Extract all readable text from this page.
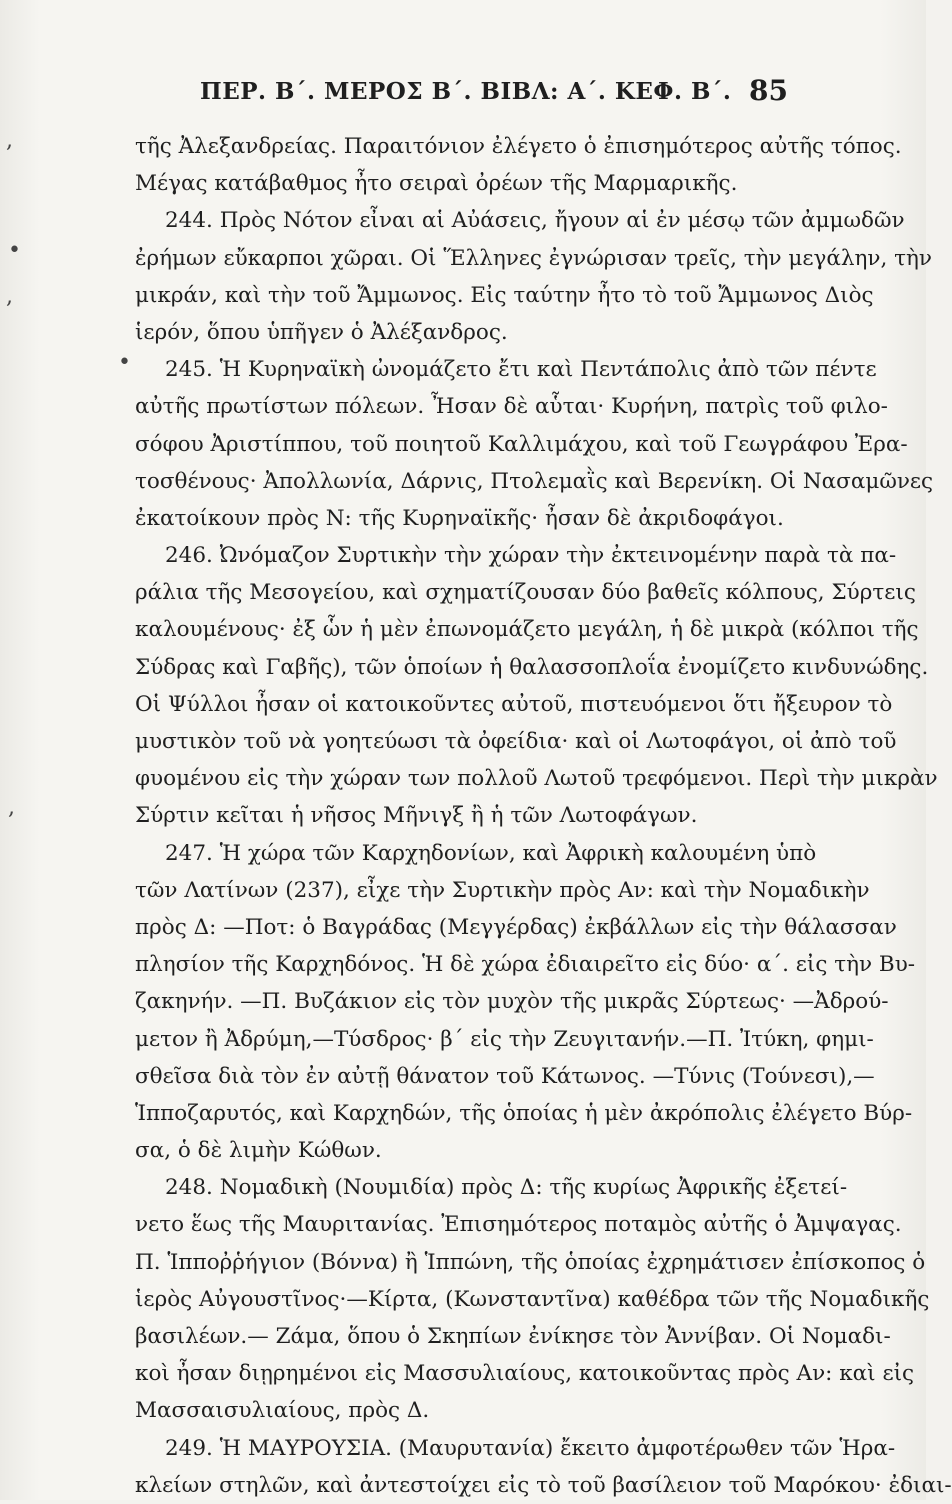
ΠΕΡ. Β΄. ΜΕΡΟΣ Β΄. ΒΙΒΛ: Α΄. ΚΕΦ. Β΄. 85
,
•
,
•
,
τῆς Ἀλεξανδρείας. Παραιτόνιον ἐλέγετο ὁ ἐπισημότερος αὐτῆς τόπος.
Μέγας κατάβαθμος ἦτο σειραὶ ὀρέων τῆς Μαρμαρικῆς.
244. Πρὸς Νότον εἶναι αἱ Αὐάσεις, ἤγουν αἱ ἐν μέσῳ τῶν ἀμμωδῶν
ἐρήμων εὔκαρποι χῶραι. Οἱ Ἕλληνες ἐγνώρισαν τρεῖς, τὴν μεγάλην, τὴν
μικράν, καὶ τὴν τοῦ Ἄμμωνος. Εἰς ταύτην ἦτο τὸ τοῦ Ἄμμωνος Διὸς
ἱερόν, ὅπου ὑπῆγεν ὁ Ἀλέξανδρος.
245. Ἡ Κυρηναϊκὴ ὠνομάζετο ἔτι καὶ Πεντάπολις ἀπὸ τῶν πέντε
αὐτῆς πρωτίστων πόλεων. Ἦσαν δὲ αὗται· Κυρήνη, πατρὶς τοῦ φιλο-
σόφου Ἀριστίππου, τοῦ ποιητοῦ Καλλιμάχου, καὶ τοῦ Γεωγράφου Ἐρα-
τοσθένους· Ἀπολλωνία, Δάρνις, Πτολεμαῒς καὶ Βερενίκη. Οἱ Νασαμῶνες
ἐκατοίκουν πρὸς Ν: τῆς Κυρηναϊκῆς· ἦσαν δὲ ἀκριδοφάγοι.
246. Ὠνόμαζον Συρτικὴν τὴν χώραν τὴν ἐκτεινομένην παρὰ τὰ πα-
ράλια τῆς Μεσογείου, καὶ σχηματίζουσαν δύο βαθεῖς κόλπους, Σύρτεις
καλουμένους· ἐξ ὧν ἡ μὲν ἐπωνομάζετο μεγάλη, ἡ δὲ μικρὰ (κόλποι τῆς
Σύδρας καὶ Γαβῆς), τῶν ὁποίων ἡ θαλασσοπλοΐα ἐνομίζετο κινδυνώδης.
Οἱ Ψύλλοι ἦσαν οἱ κατοικοῦντες αὐτοῦ, πιστευόμενοι ὅτι ἤξευρον τὸ
μυστικὸν τοῦ νὰ γοητεύωσι τὰ ὀφείδια· καὶ οἱ Λωτοφάγοι, οἱ ἀπὸ τοῦ
φυομένου εἰς τὴν χώραν των πολλοῦ Λωτοῦ τρεφόμενοι. Περὶ τὴν μικρὰν
Σύρτιν κεῖται ἡ νῆσος Μῆνιγξ ἢ ἡ τῶν Λωτοφάγων.
247. Ἡ χώρα τῶν Καρχηδονίων, καὶ Ἀφρικὴ καλουμένη ὑπὸ
τῶν Λατίνων (237), εἶχε τὴν Συρτικὴν πρὸς Αν: καὶ τὴν Νομαδικὴν
πρὸς Δ: —Ποτ: ὁ Βαγράδας (Μεγγέρδας) ἐκβάλλων εἰς τὴν θάλασσαν
πλησίον τῆς Καρχηδόνος. Ἡ δὲ χώρα ἐδιαιρεῖτο εἰς δύο· α΄. εἰς τὴν Βυ-
ζακηνήν. —Π. Βυζάκιον εἰς τὸν μυχὸν τῆς μικρᾶς Σύρτεως· —Ἀδρού-
μετον ἢ Ἀδρύμη,—Τύσδρος· β΄ εἰς τὴν Ζευγιτανήν.—Π. Ἰτύκη, φημι-
σθεῖσα διὰ τὸν ἐν αὐτῇ θάνατον τοῦ Κάτωνος. —Τύνις (Τούνεσι),—
Ἱπποζαρυτός, καὶ Καρχηδών, τῆς ὁποίας ἡ μὲν ἀκρόπολις ἐλέγετο Βύρ-
σα, ὁ δὲ λιμὴν Κώθων.
248. Νομαδικὴ (Νουμιδία) πρὸς Δ: τῆς κυρίως Ἀφρικῆς ἐξετεί-
νετο ἕως τῆς Μαυριτανίας. Ἐπισημότερος ποταμὸς αὐτῆς ὁ Ἀμψαγας.
Π. Ἱπποῤῥήγιον (Βόννα) ἢ Ἱππώνη, τῆς ὁποίας ἐχρημάτισεν ἐπίσκοπος ὁ
ἱερὸς Αὐγουστῖνος·—Κίρτα, (Κωνσταντῖνα) καθέδρα τῶν τῆς Νομαδικῆς
βασιλέων.— Ζάμα, ὅπου ὁ Σκηπίων ἐνίκησε τὸν Ἀννίβαν. Οἱ Νομαδι-
κοὶ ἦσαν διῃρημένοι εἰς Μασσυλιαίους, κατοικοῦντας πρὸς Αν: καὶ εἰς
Μασσαισυλιαίους, πρὸς Δ.
249. Ἡ ΜΑΥΡΟΥΣΙΑ. (Μαυρυτανία) ἔκειτο ἀμφοτέρωθεν τῶν Ἡρα-
κλείων στηλῶν, καὶ ἀντεστοίχει εἰς τὸ τοῦ βασίλειον τοῦ Μαρόκου· ἐδιαι-
